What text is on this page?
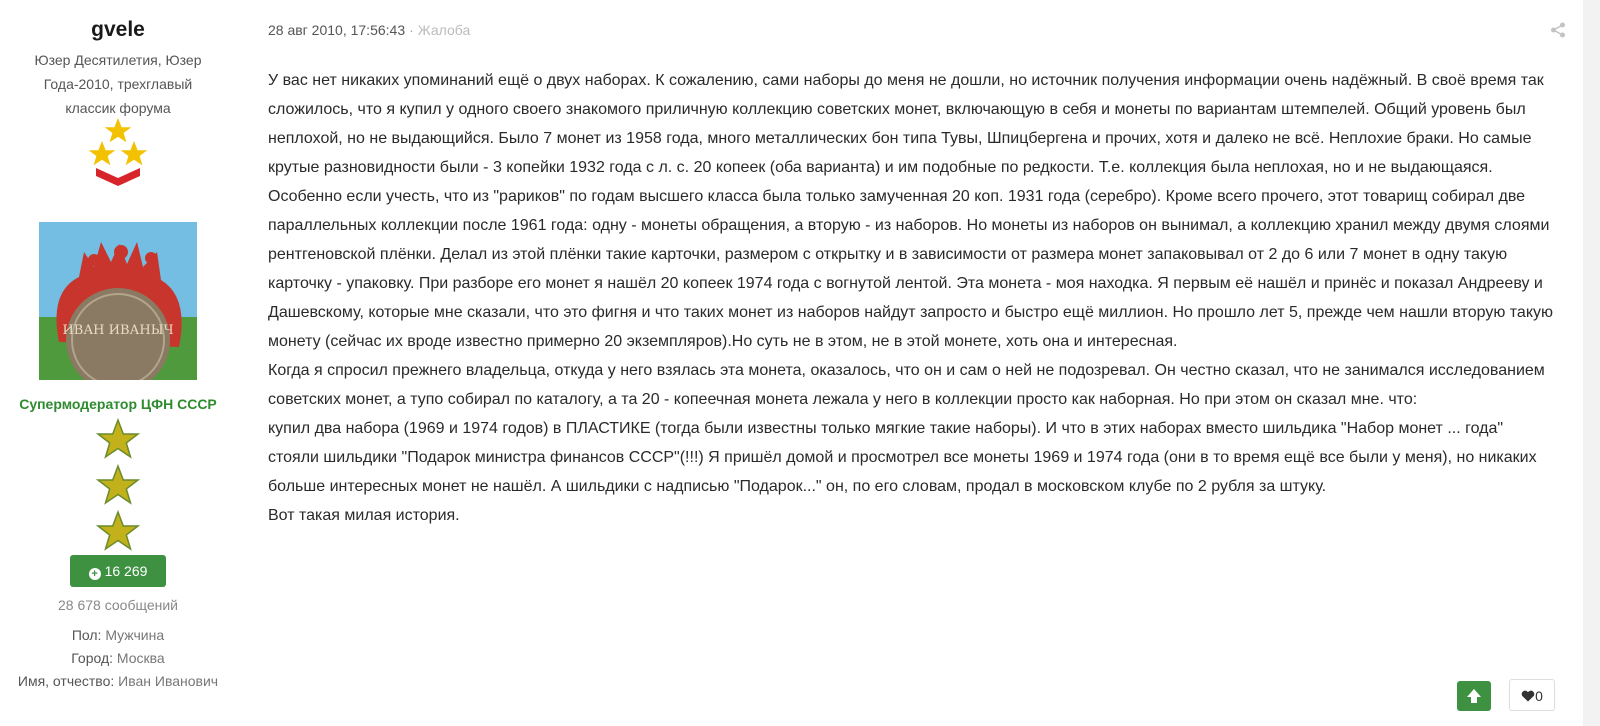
gvele
Юзер Десятилетия, Юзер Года-2010, трехглавый классик форума
ИВАН ИВАНЫЧ
Супермодератор ЦФН СССР
+ 16 269
28 678 сообщений
Пол: Мужчина
Город: Москва
Имя, отчество: Иван Иванович
28 авг 2010, 17:56:43 · Жалоба

У вас нет никаких упоминаний ещё о двух наборах. К сожалению, сами наборы до меня не дошли, но источник получения информации очень надёжный. В своё время так сложилось, что я купил у одного своего знакомого приличную коллекцию советских монет, включающую в себя и монеты по вариантам штемпелей. Общий уровень был неплохой, но не выдающийся. Было 7 монет из 1958 года, много металлических бон типа Тувы, Шпицбергена и прочих, хотя и далеко не всё. Неплохие браки. Но самые крутые разновидности были - 3 копейки 1932 года с л. с. 20 копеек (оба варианта) и им подобные по редкости. Т.е. коллекция была неплохая, но и не выдающаяся. Особенно если учесть, что из "рариков" по годам высшего класса была только замученная 20 коп. 1931 года (серебро). Кроме всего прочего, этот товарищ собирал две параллельных коллекции после 1961 года: одну - монеты обращения, а вторую - из наборов. Но монеты из наборов он вынимал, а коллекцию хранил между двумя слоями рентгеновской плёнки. Делал из этой плёнки такие карточки, размером с открытку и в зависимости от размера монет запаковывал от 2 до 6 или 7 монет в одну такую карточку - упаковку. При разборе его монет я нашёл 20 копеек 1974 года с вогнутой лентой. Эта монета - моя находка. Я первым её нашёл и принёс и показал Андрееву и Дашевскому, которые мне сказали, что это фигня и что таких монет из наборов найдут запросто и быстро ещё миллион. Но прошло лет 5, прежде чем нашли вторую такую монету (сейчас их вроде известно примерно 20 экземпляров).Но суть не в этом, не в этой монете, хоть она и интересная.

Когда я спросил прежнего владельца, откуда у него взялась эта монета, оказалось, что он и сам о ней не подозревал. Он честно сказал, что не занимался исследованием советских монет, а тупо собирал по каталогу, а та 20 - копеечная монета лежала у него в коллекции просто как наборная. Но при этом он сказал мне. что:

купил два набора (1969 и 1974 годов) в ПЛАСТИКЕ (тогда были известны только мягкие такие наборы). И что в этих наборах вместо шильдика "Набор монет ... года" стояли шильдики "Подарок министра финансов СССР"(!!!) Я пришёл домой и просмотрел все монеты 1969 и 1974 года (они в то время ещё все были у меня), но никаких больше интересных монет не нашёл. А шильдики с надписью "Подарок..." он, по его словам, продал в московском клубе по 2 рубля за штуку.

Вот такая милая история.

0
